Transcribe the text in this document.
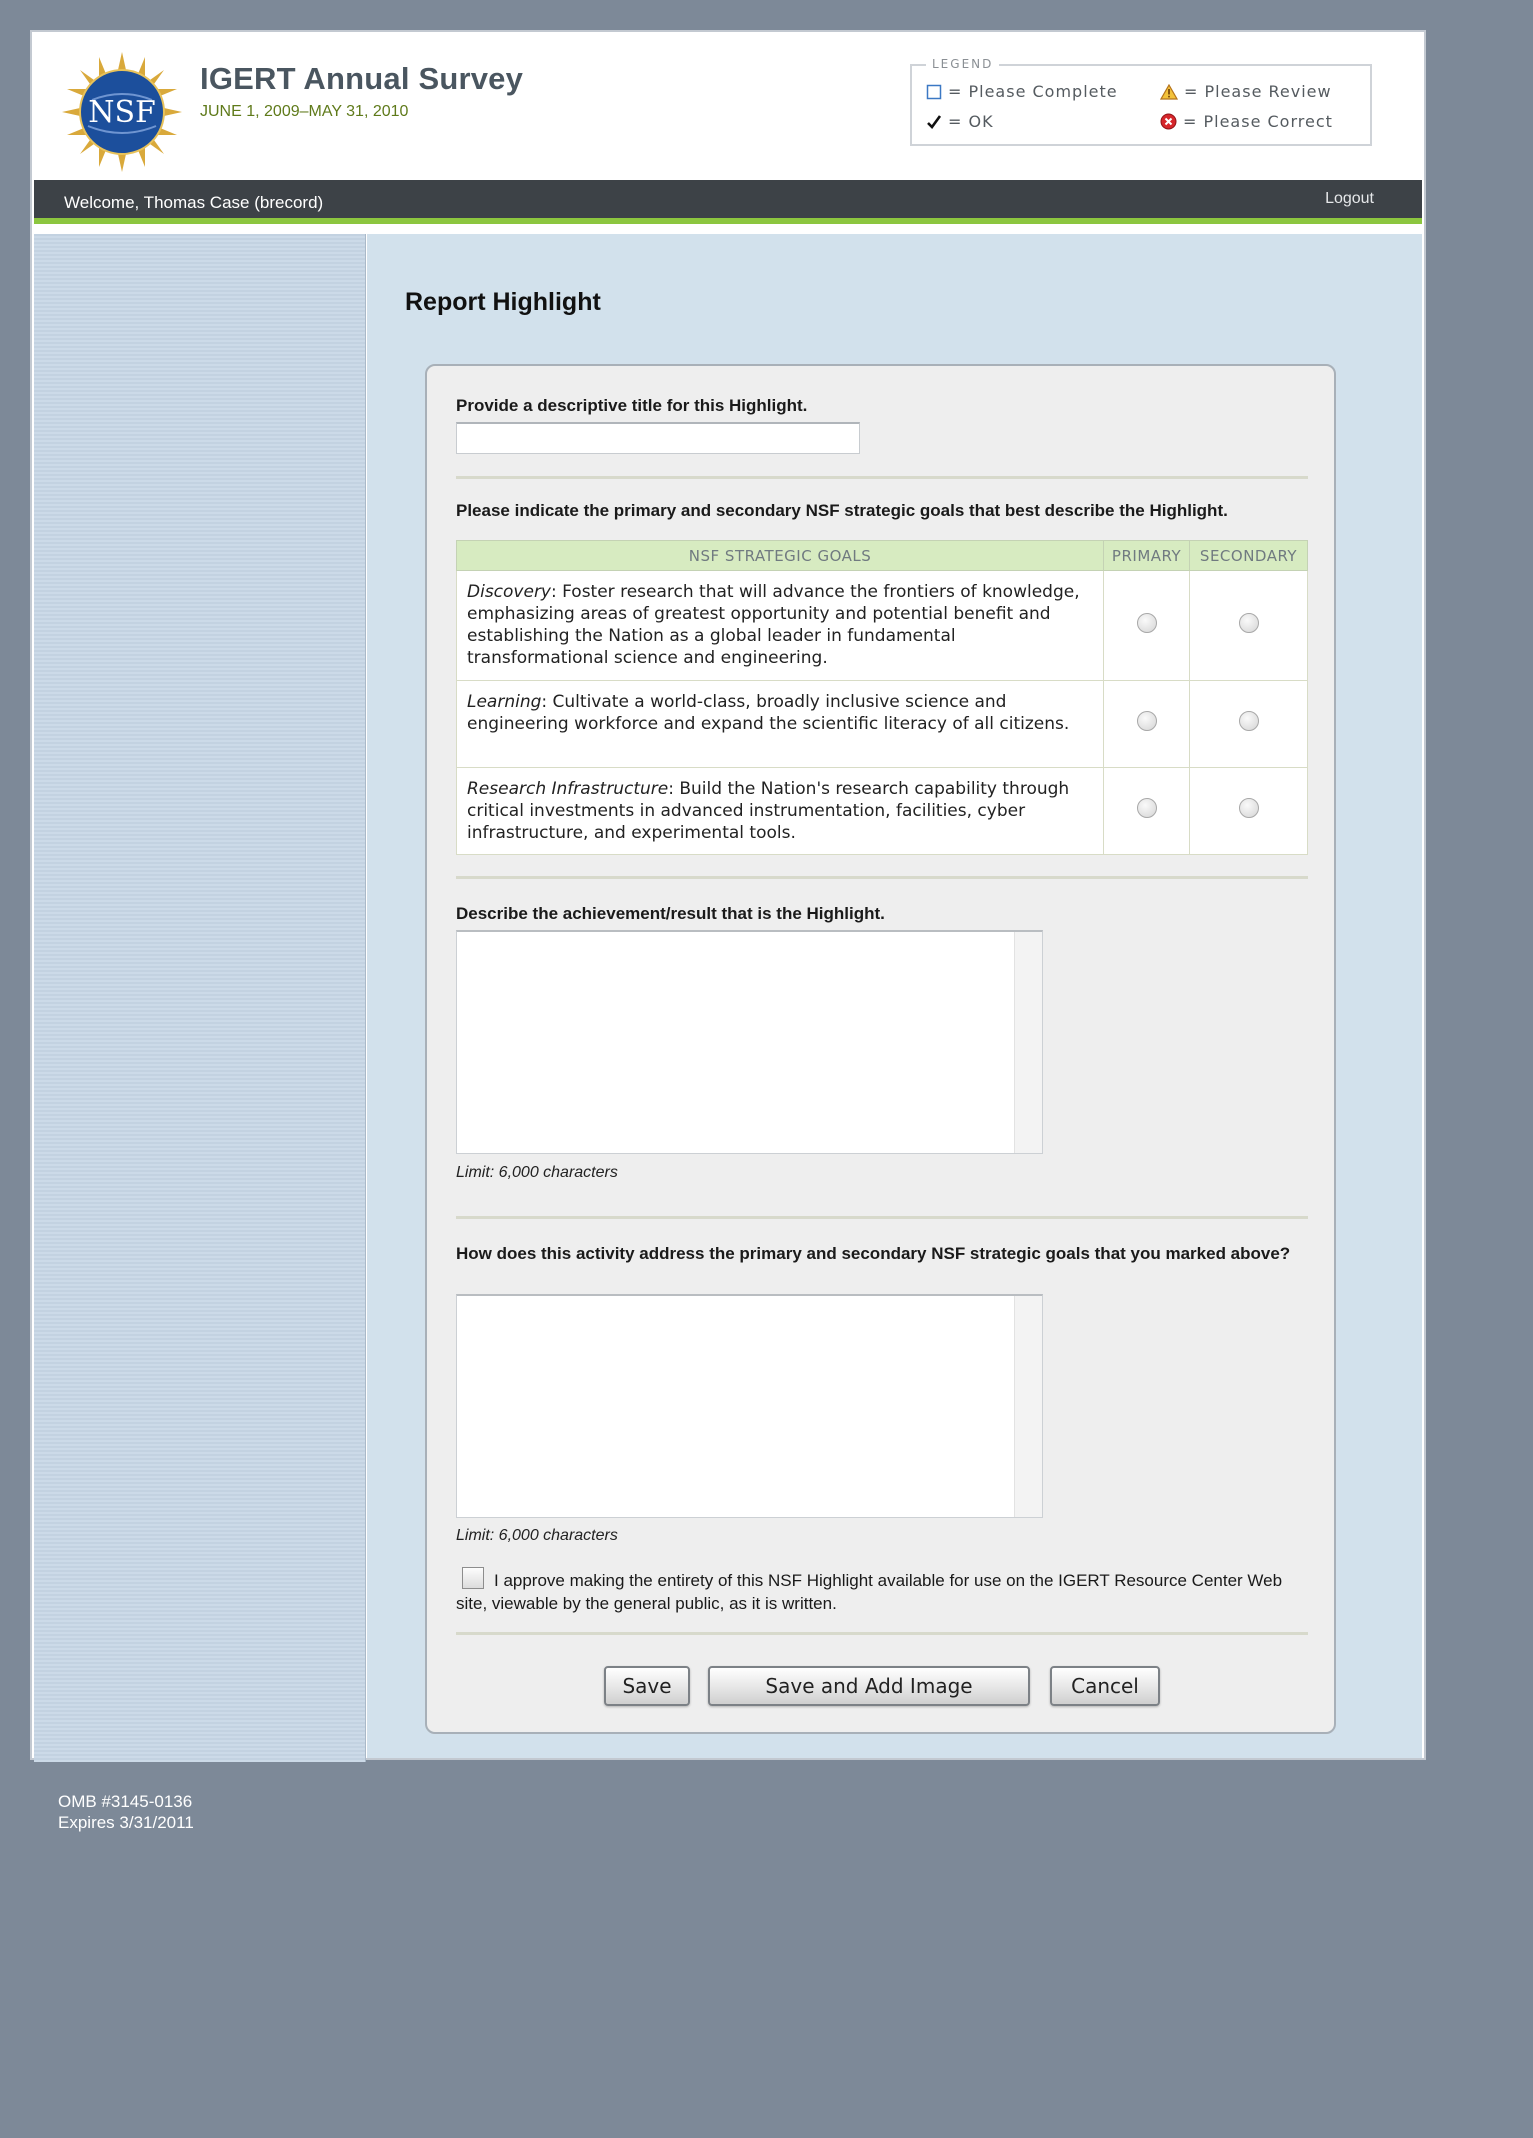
NSF
IGERT Annual Survey
JUNE 1, 2009–MAY 31, 2010
LEGEND
= Please Complete	= Please Review
= OK	= Please Correct
Welcome, Thomas Case (brecord)	Logout
Report Highlight
Provide a descriptive title for this Highlight.
Please indicate the primary and secondary NSF strategic goals that best describe the Highlight.
NSF STRATEGIC GOALS	PRIMARY	SECONDARY
Discovery: Foster research that will advance the frontiers of knowledge, emphasizing areas of greatest opportunity and potential benefit and establishing the Nation as a global leader in fundamental transformational science and engineering.		
Learning: Cultivate a world-class, broadly inclusive science and engineering workforce and expand the scientific literacy of all citizens.		
Research Infrastructure: Build the Nation's research capability through critical investments in advanced instrumentation, facilities, cyber infrastructure, and experimental tools.		
Describe the achievement/result that is the Highlight.
Limit: 6,000 characters
How does this activity address the primary and secondary NSF strategic goals that you marked above?
Limit: 6,000 characters
I approve making the entirety of this NSF Highlight available for use on the IGERT Resource Center Web site, viewable by the general public, as it is written.
Save	Save and Add Image	Cancel
OMB #3145-0136
Expires 3/31/2011
